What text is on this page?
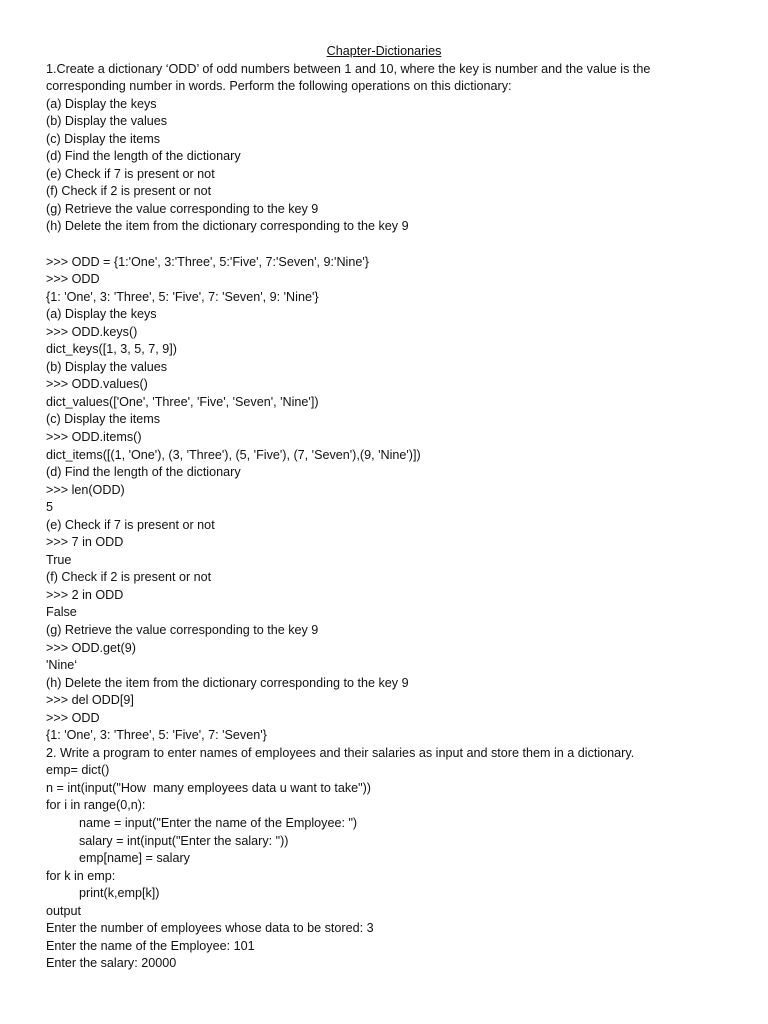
Chapter-Dictionaries
1.Create a dictionary ‘ODD’ of odd numbers between 1 and 10, where the key is number and the value is the
corresponding number in words. Perform the following operations on this dictionary:
(a) Display the keys
(b) Display the values
(c) Display the items
(d) Find the length of the dictionary
(e) Check if 7 is present or not
(f) Check if 2 is present or not
(g) Retrieve the value corresponding to the key 9
(h) Delete the item from the dictionary corresponding to the key 9
>>> ODD = {1:'One', 3:'Three', 5:'Five', 7:'Seven', 9:'Nine'}
>>> ODD
{1: 'One', 3: 'Three', 5: 'Five', 7: 'Seven', 9: 'Nine'}
(a) Display the keys
>>> ODD.keys()
dict_keys([1, 3, 5, 7, 9])
(b) Display the values
>>> ODD.values()
dict_values(['One', 'Three', 'Five', 'Seven', 'Nine'])
(c) Display the items
>>> ODD.items()
dict_items([(1, 'One'), (3, 'Three'), (5, 'Five'), (7, 'Seven'),(9, 'Nine')])
(d) Find the length of the dictionary
>>> len(ODD)
5
(e) Check if 7 is present or not
>>> 7 in ODD
True
(f) Check if 2 is present or not
>>> 2 in ODD
False
(g) Retrieve the value corresponding to the key 9
>>> ODD.get(9)
'Nine‘
(h) Delete the item from the dictionary corresponding to the key 9
>>> del ODD[9]
>>> ODD
{1: 'One', 3: 'Three', 5: 'Five', 7: 'Seven'}
2. Write a program to enter names of employees and their salaries as input and store them in a dictionary.
emp= dict()
n = int(input("How  many employees data u want to take"))
for i in range(0,n):
name = input("Enter the name of the Employee: ")
salary = int(input("Enter the salary: "))
emp[name] = salary
for k in emp:
print(k,emp[k])
output
Enter the number of employees whose data to be stored: 3
Enter the name of the Employee: 101
Enter the salary: 20000
